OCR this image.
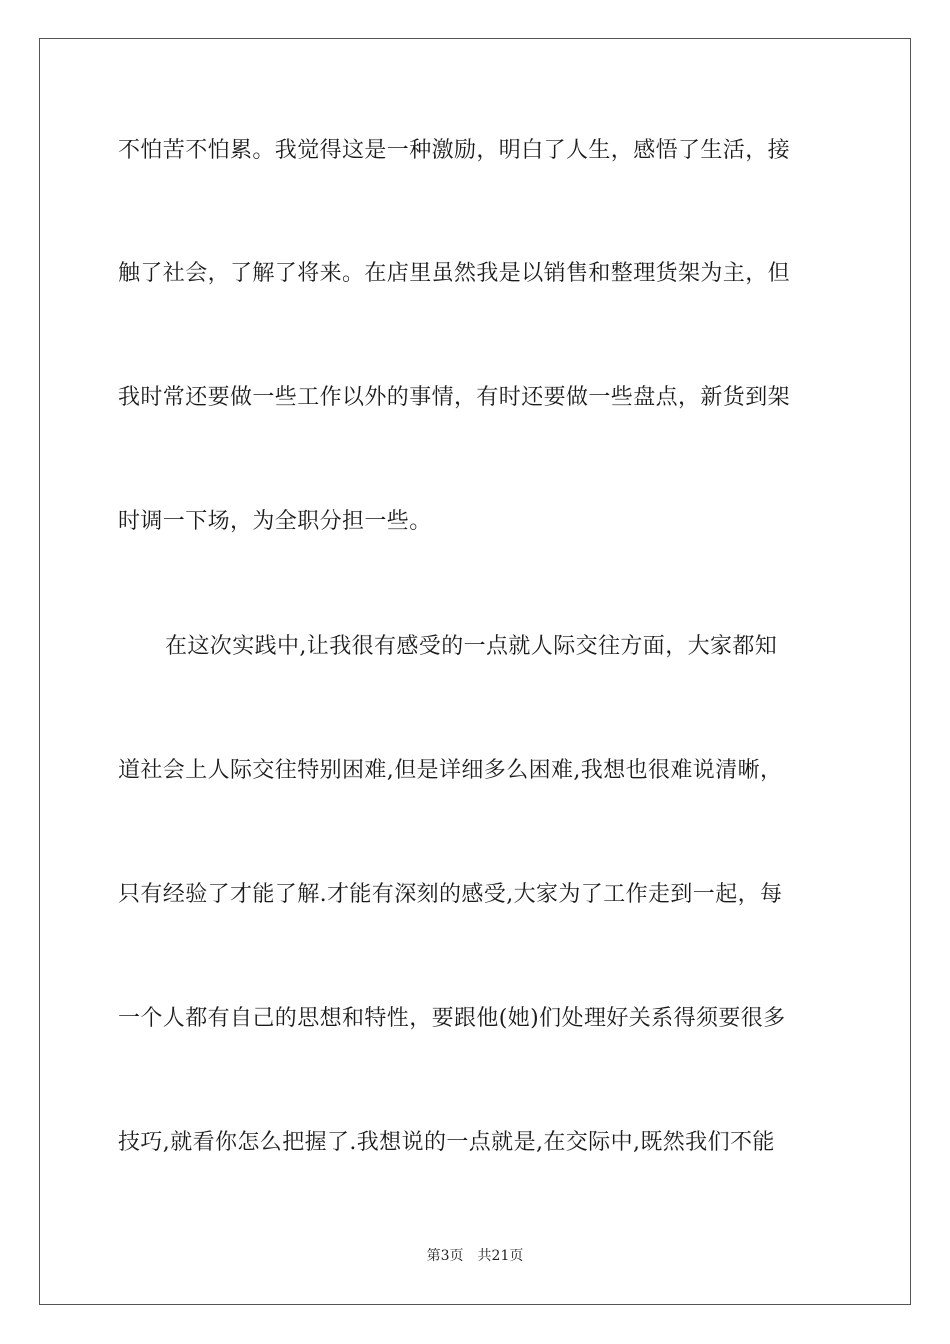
不怕苦不怕累。我觉得这是一种激励，明白了人生，感悟了生活，接
触了社会，了解了将来。在店里虽然我是以销售和整理货架为主，但
我时常还要做一些工作以外的事情，有时还要做一些盘点，新货到架
时调一下场，为全职分担一些。
在这次实践中,让我很有感受的一点就人际交往方面，大家都知
道社会上人际交往特别困难,但是详细多么困难,我想也很难说清晰，
只有经验了才能了解.才能有深刻的感受,大家为了工作走到一起，每
一个人都有自己的思想和特性，要跟他(她)们处理好关系得须要很多
技巧,就看你怎么把握了.我想说的一点就是,在交际中,既然我们不能
第3页 共21页
